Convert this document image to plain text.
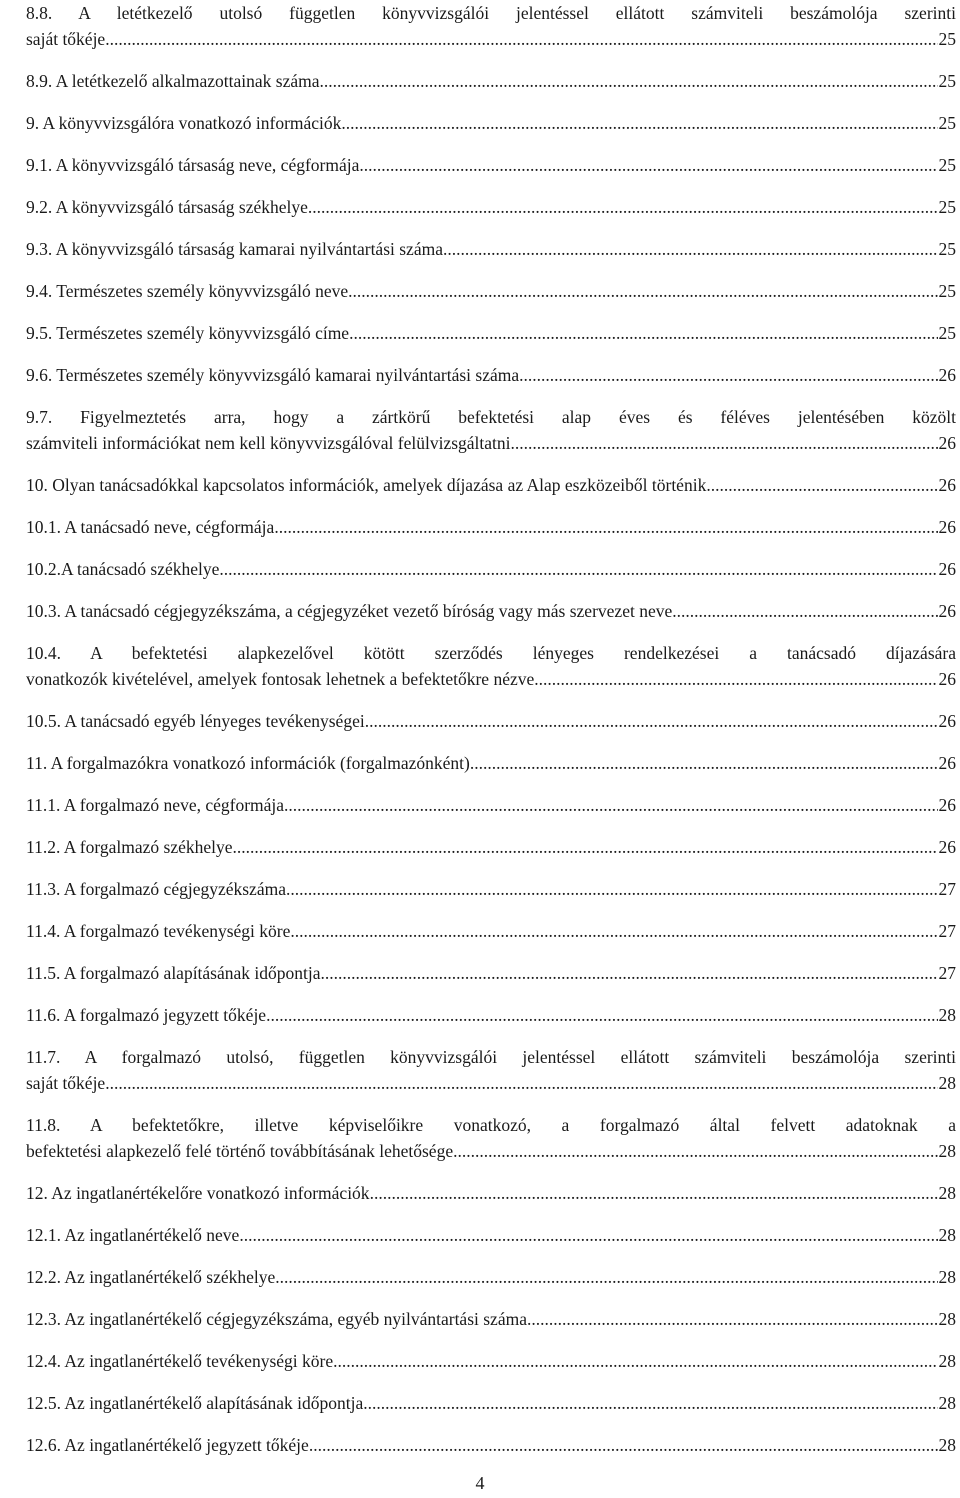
8.8. A letétkezelő utolsó független könyvvizsgálói jelentéssel ellátott számviteli beszámolója szerinti
saját tőkéje .....	25
8.9. A letétkezelő alkalmazottainak száma .....	25
9. A könyvvizsgálóra vonatkozó információk .....	25
9.1. A könyvvizsgáló társaság neve, cégformája .....	25
9.2. A könyvvizsgáló társaság székhelye .....	25
9.3. A könyvvizsgáló társaság kamarai nyilvántartási száma .....	25
9.4. Természetes személy könyvvizsgáló neve .....	25
9.5. Természetes személy könyvvizsgáló címe .....	25
9.6. Természetes személy könyvvizsgáló kamarai nyilvántartási száma .....	26
9.7. Figyelmeztetés arra, hogy a zártkörű befektetési alap éves és féléves jelentésében közölt
számviteli információkat nem kell könyvvizsgálóval felülvizsgáltatni .....	26
10. Olyan tanácsadókkal kapcsolatos információk, amelyek díjazása az Alap eszközeiből történik .....	26
10.1. A tanácsadó neve, cégformája .....	26
10.2.A tanácsadó székhelye .....	26
10.3. A tanácsadó cégjegyzékszáma, a cégjegyzéket vezető bíróság vagy más szervezet neve .....	26
10.4. A befektetési alapkezelővel kötött szerződés lényeges rendelkezései a tanácsadó díjazására
vonatkozók kivételével, amelyek fontosak lehetnek a befektetőkre nézve .....	26
10.5. A tanácsadó egyéb lényeges tevékenységei .....	26
11. A forgalmazókra vonatkozó információk (forgalmazónként) .....	26
11.1. A forgalmazó neve, cégformája .....	26
11.2. A forgalmazó székhelye .....	26
11.3. A forgalmazó cégjegyzékszáma .....	27
11.4. A forgalmazó tevékenységi köre .....	27
11.5. A forgalmazó alapításának időpontja .....	27
11.6. A forgalmazó jegyzett tőkéje .....	28
11.7. A forgalmazó utolsó, független könyvvizsgálói jelentéssel ellátott számviteli beszámolója szerinti
saját tőkéje .....	28
11.8. A befektetőkre, illetve képviselőikre vonatkozó, a forgalmazó által felvett adatoknak a
befektetési alapkezelő felé történő továbbításának lehetősége .....	28
12. Az ingatlanértékelőre vonatkozó információk .....	28
12.1. Az ingatlanértékelő neve .....	28
12.2. Az ingatlanértékelő székhelye .....	28
12.3. Az ingatlanértékelő cégjegyzékszáma, egyéb nyilvántartási száma .....	28
12.4. Az ingatlanértékelő tevékenységi köre .....	28
12.5. Az ingatlanértékelő alapításának időpontja .....	28
12.6. Az ingatlanértékelő jegyzett tőkéje .....	28
4
